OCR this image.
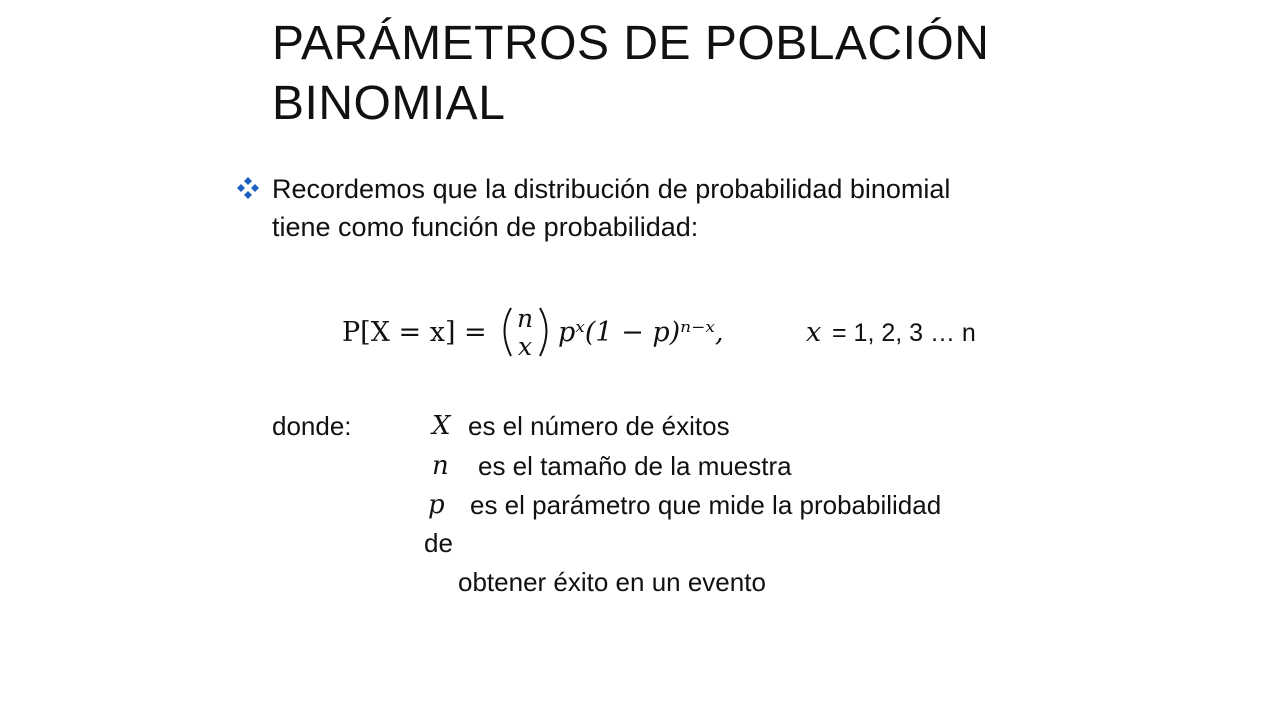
PARÁMETROS DE POBLACIÓN
BINOMIAL
Recordemos que la distribución de probabilidad binomial
tiene como función de probabilidad:
P[X = x] = n
x pˣ(1 − p)ⁿ⁻ˣ,	x = 1, 2, 3 … n
donde:	X es el número de éxitos
n es el tamaño de la muestra
p es el parámetro que mide la probabilidad
de
obtener éxito en un evento
